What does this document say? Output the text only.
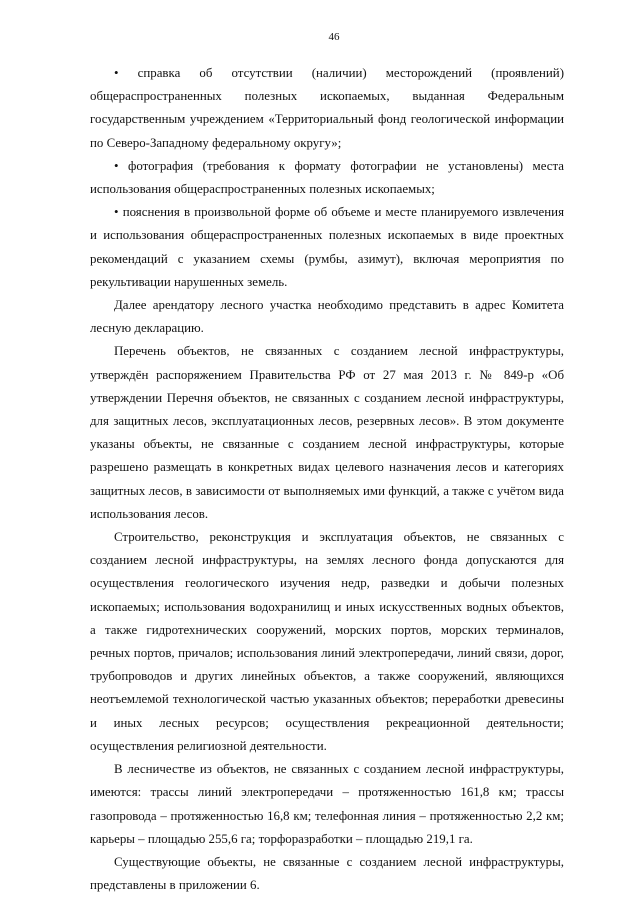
46

• справка об отсутствии (наличии) месторождений (проявлений) общераспространенных полезных ископаемых, выданная Федеральным государственным учреждением «Территориальный фонд геологической информации по Северо-Западному федеральному округу»;

• фотография (требования к формату фотографии не установлены) места использования общераспространенных полезных ископаемых;

• пояснения в произвольной форме об объеме и месте планируемого извлечения и использования общераспространенных полезных ископаемых в виде проектных рекомендаций с указанием схемы (румбы, азимут), включая мероприятия по рекультивации нарушенных земель.

Далее арендатору лесного участка необходимо представить в адрес Комитета лесную декларацию.

Перечень объектов, не связанных с созданием лесной инфраструктуры, утверждён распоряжением Правительства РФ от 27 мая 2013 г. № 849-р «Об утверждении Перечня объектов, не связанных с созданием лесной инфраструктуры, для защитных лесов, эксплуатационных лесов, резервных лесов». В этом документе указаны объекты, не связанные с созданием лесной инфраструктуры, которые разрешено размещать в конкретных видах целевого назначения лесов и категориях защитных лесов, в зависимости от выполняемых ими функций, а также с учётом вида использования лесов.

Строительство, реконструкция и эксплуатация объектов, не связанных с созданием лесной инфраструктуры, на землях лесного фонда допускаются для осуществления геологического изучения недр, разведки и добычи полезных ископаемых; использования водохранилищ и иных искусственных водных объектов, а также гидротехнических сооружений, морских портов, морских терминалов, речных портов, причалов; использования линий электропередачи, линий связи, дорог, трубопроводов и других линейных объектов, а также сооружений, являющихся неотъемлемой технологической частью указанных объектов; переработки древесины и иных лесных ресурсов; осуществления рекреационной деятельности; осуществления религиозной деятельности.

В лесничестве из объектов, не связанных с созданием лесной инфраструктуры, имеются: трассы линий электропередачи – протяженностью 161,8 км; трассы газопровода – протяженностью 16,8 км; телефонная линия – протяженностью 2,2 км; карьеры – площадью 255,6 га; торфоразработки – площадью 219,1 га.

Существующие объекты, не связанные с созданием лесной инфраструктуры, представлены в приложении 6.
